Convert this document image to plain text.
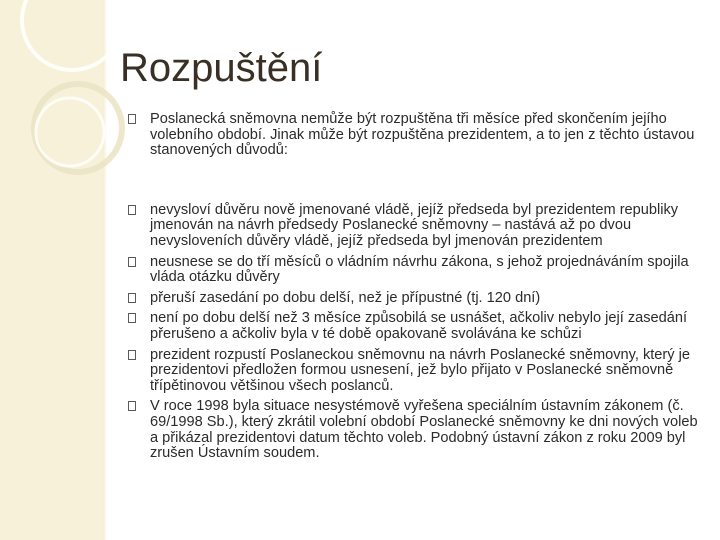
Rozpuštění
Poslanecká sněmovna nemůže být rozpuštěna tři měsíce před skončením jejího volebního období. Jinak může být rozpuštěna prezidentem, a to jen z těchto ústavou stanovených důvodů:
nevysloví důvěru nově jmenované vládě, jejíž předseda byl prezidentem republiky jmenován na návrh předsedy Poslanecké sněmovny – nastává až po dvou nevysloveních důvěry vládě, jejíž předseda byl jmenován prezidentem
neusnese se do tří měsíců o vládním návrhu zákona, s jehož projednáváním spojila vláda otázku důvěry
přeruší zasedání po dobu delší, než je přípustné (tj. 120 dní)
není po dobu delší než 3 měsíce způsobilá se usnášet, ačkoliv nebylo její zasedání přerušeno a ačkoliv byla v té době opakovaně svolávána ke schůzi
prezident rozpustí Poslaneckou sněmovnu na návrh Poslanecké sněmovny, který je prezidentovi předložen formou usnesení, jež bylo přijato v Poslanecké sněmovně třípětinovou většinou všech poslanců.
V roce 1998 byla situace nesystémově vyřešena speciálním ústavním zákonem (č. 69/1998 Sb.), který zkrátil volební období Poslanecké sněmovny ke dni nových voleb a přikázal prezidentovi datum těchto voleb. Podobný ústavní zákon z roku 2009 byl zrušen Ústavním soudem.
